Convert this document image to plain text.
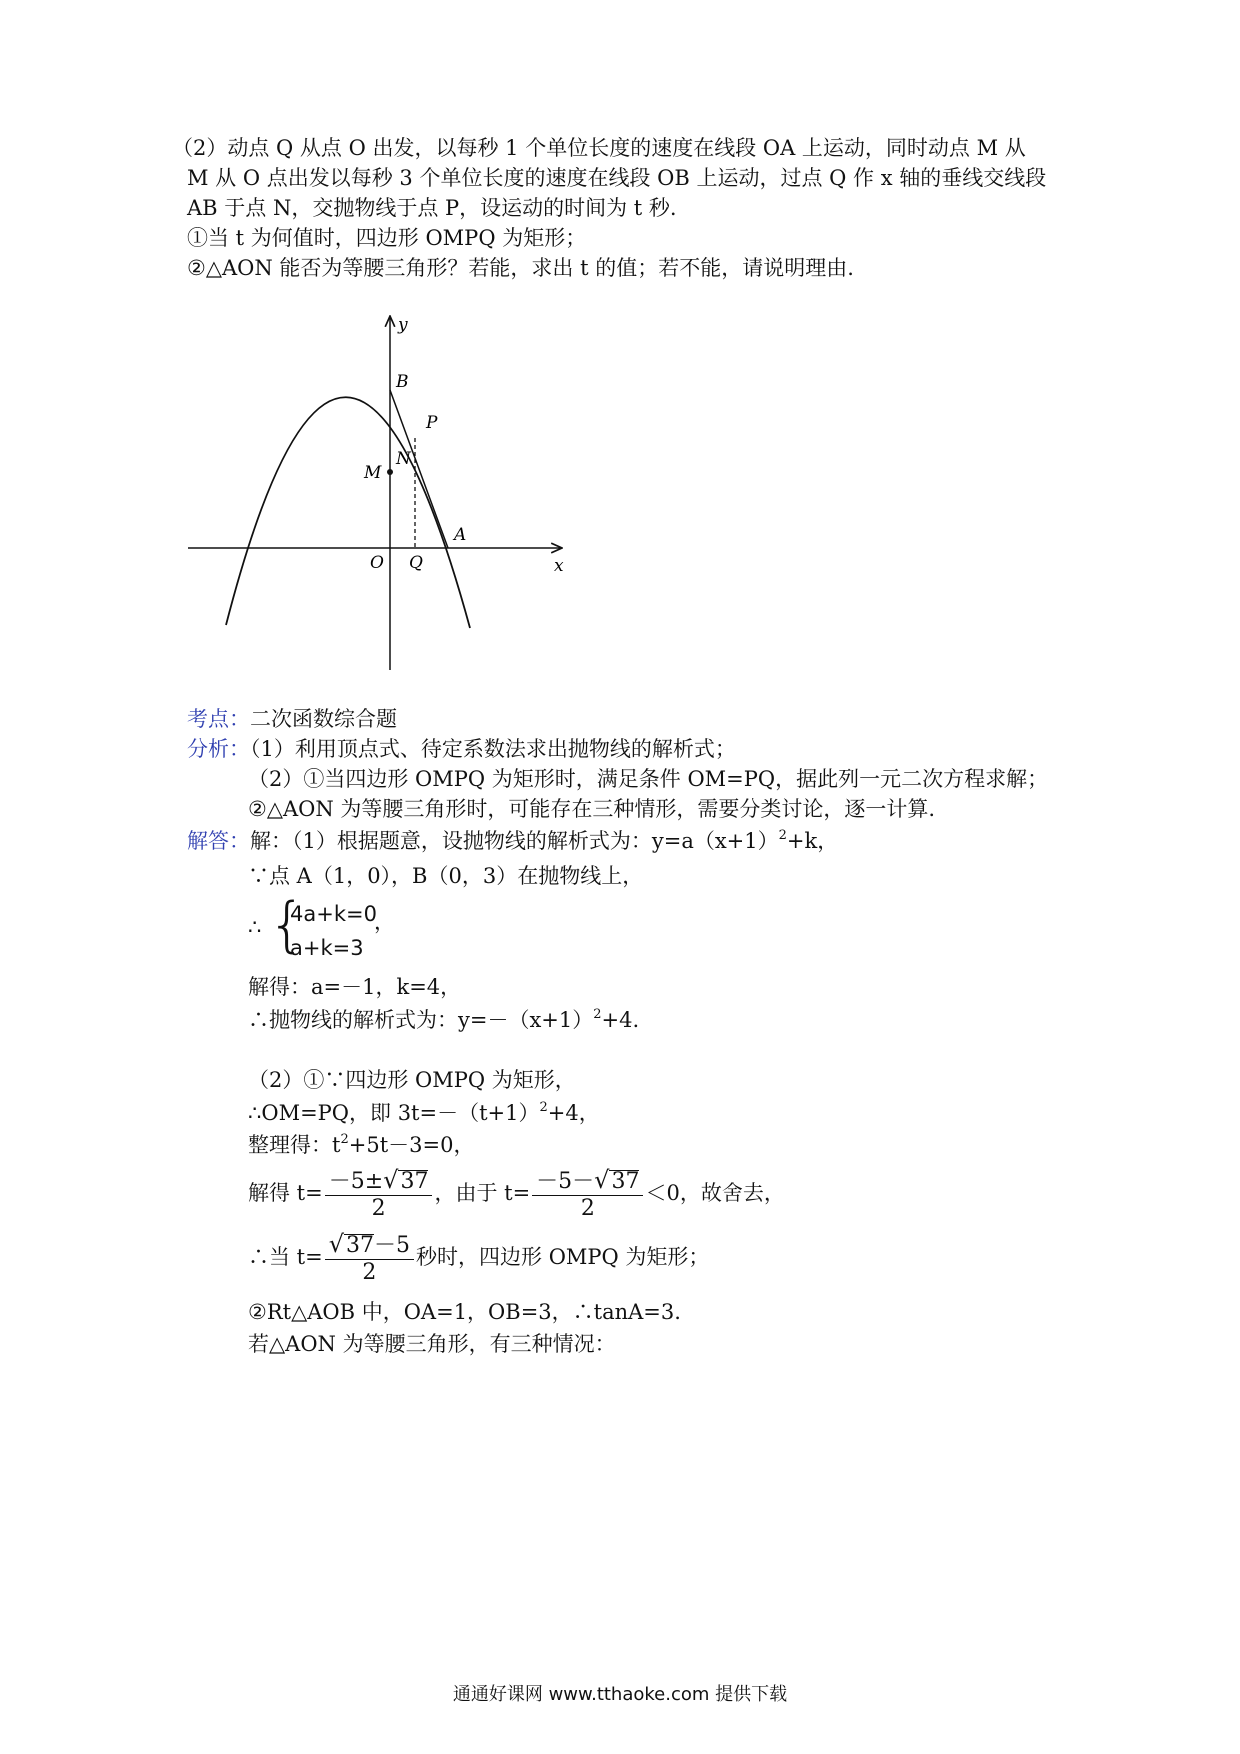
（2）动点 Q 从点 O 出发，以每秒 1 个单位长度的速度在线段 OA 上运动，同时动点 M 从
M 从 O 点出发以每秒 3 个单位长度的速度在线段 OB 上运动，过点 Q 作 x 轴的垂线交线段
AB 于点 N，交抛物线于点 P，设运动的时间为 t 秒.
①当 t 为何值时，四边形 OMPQ 为矩形；
②△AON 能否为等腰三角形？若能，求出 t 的值；若不能，请说明理由.
y
B
P
M
N
A
O Q	x
考点：二次函数综合题
分析：（1）利用顶点式、待定系数法求出抛物线的解析式；
（2）①当四边形 OMPQ 为矩形时，满足条件 OM=PQ，据此列一元二次方程求解；
②△AON 为等腰三角形时，可能存在三种情形，需要分类讨论，逐一计算.
解答：解：（1）根据题意，设抛物线的解析式为：$y=a(x+1)^2+k$，
∵点 A（1，0），B（0，3）在抛物线上，
∴ {
4a+k=0
a+k=3
，
解得：a=－1，k=4，
∴抛物线的解析式为：$y=-(x+1)^2+4$.
（2）①∵四边形 OMPQ 为矩形，
∴OM=PQ，即 $3t=-(t+1)^2+4$，
整理得：$t^2+5t-3=0$，
解得 $t= \frac{-5\pm√37}{2}$ ，由于 $t= \frac{-5-√37}{2} <0$，故舍去，
∴当 $t= \frac{√37-5}{2}$ 秒时，四边形 OMPQ 为矩形；
②Rt△AOB 中，OA=1，OB=3，∴tanA=3.
若△AON 为等腰三角形，有三种情况：
通通好课网 www.tthaoke.com 提供下载
